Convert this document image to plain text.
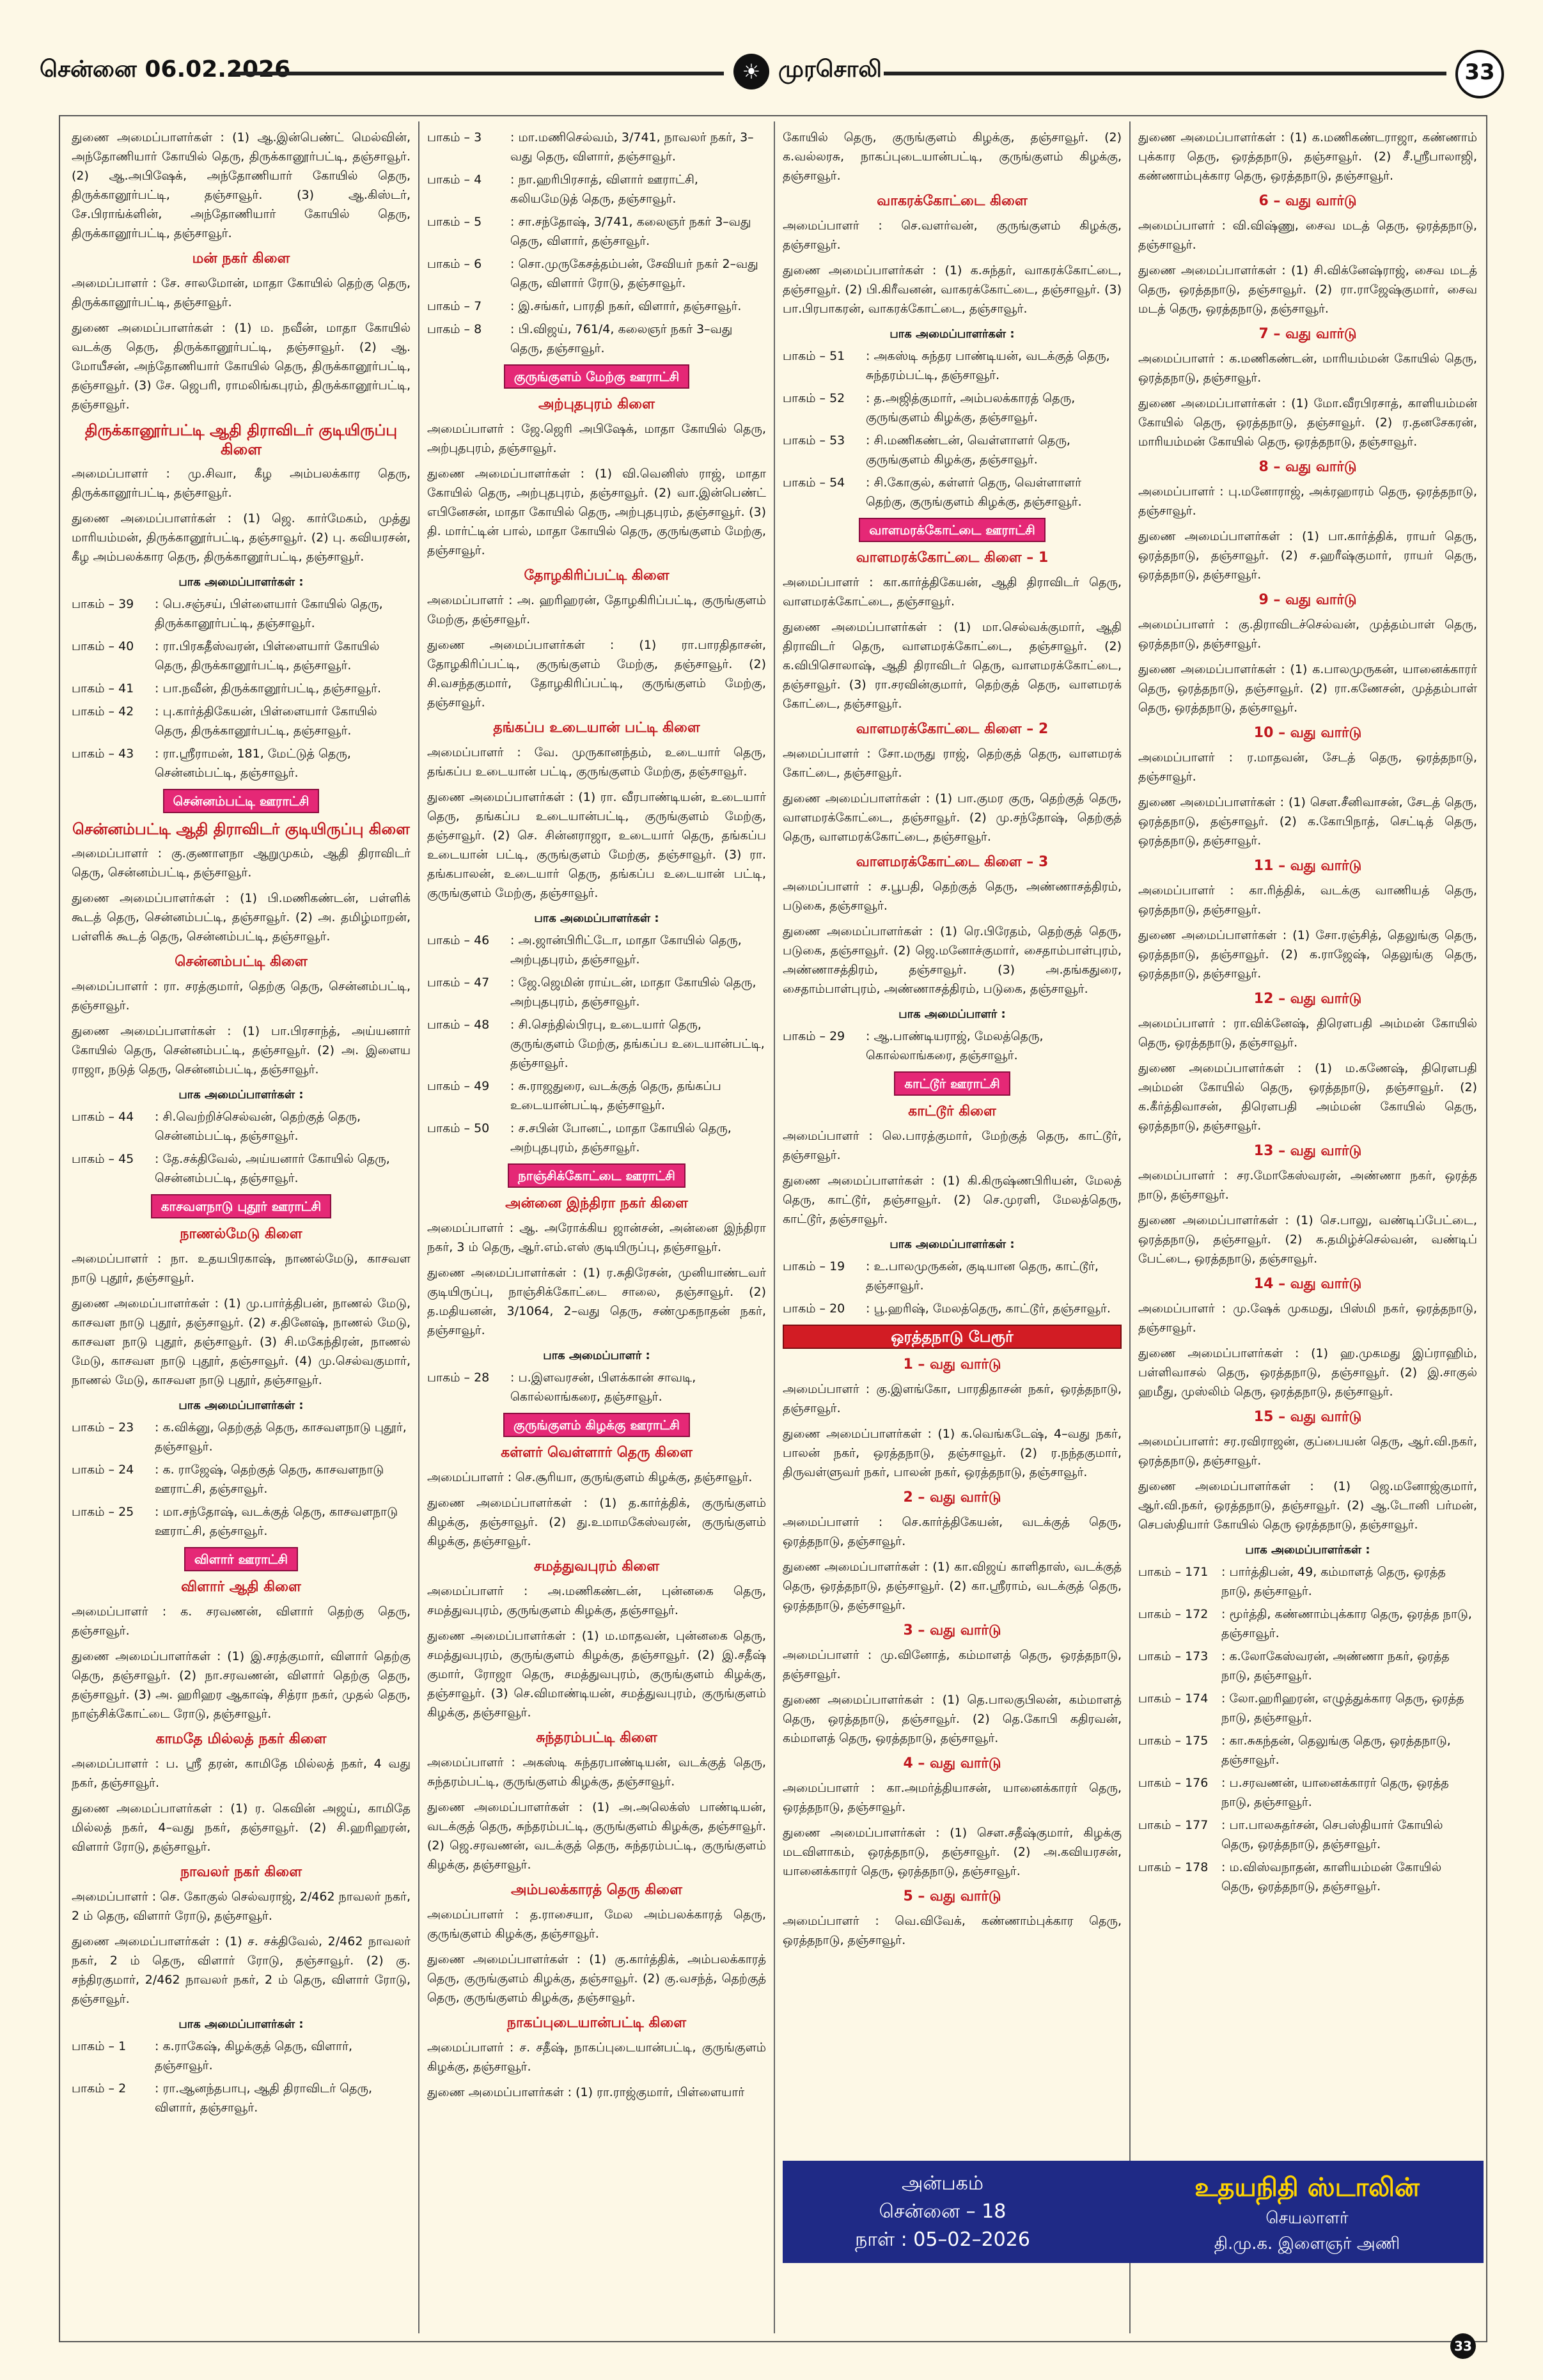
சென்னை 06.02.2026	☀ முரசொலி	33
துணை அமைப்பாளர்கள் : (1) ஆ.இன்பெண்ட் மெல்வின், அந்தோணியார் கோயில் தெரு, திருக்கானூர்பட்டி, தஞ்சாவூர். (2) ஆ.அபிஷேக், அந்தோணியார் கோயில் தெரு, திருக்கானூர்பட்டி, தஞ்சாவூர். (3) ஆ.கிஸ்டர், சே.பிராங்க்ளின், அந்தோணியார் கோயில் தெரு, திருக்கானூர்பட்டி, தஞ்சாவூர்.
மன் நகர் கிளை
அமைப்பாளர் : சே. சாலமோன், மாதா கோயில் தெற்கு தெரு, திருக்கானூர்பட்டி, தஞ்சாவூர்.
துணை அமைப்பாளர்கள் : (1) ம. நவீன், மாதா கோயில் வடக்கு தெரு, திருக்கானூர்பட்டி, தஞ்சாவூர். (2) ஆ. மோயீசன், அந்தோணியார் கோயில் தெரு, திருக்கானூர்பட்டி, தஞ்சாவூர். (3) சே. ஜெபரி, ராமலிங்கபுரம், திருக்கானூர்பட்டி, தஞ்சாவூர்.
திருக்கானூர்பட்டி ஆதி திராவிடர் குடியிருப்பு கிளை
அமைப்பாளர் : மு.சிவா, கீழ அம்பலக்கார தெரு, திருக்கானூர்பட்டி, தஞ்சாவூர்.
துணை அமைப்பாளர்கள் : (1) ஜெ. கார்மேகம், முத்து மாரியம்மன், திருக்கானூர்பட்டி, தஞ்சாவூர். (2) பு. கவியரசன், கீழ அம்பலக்கார தெரு, திருக்கானூர்பட்டி, தஞ்சாவூர்.
பாக அமைப்பாளர்கள் :
பாகம் – 39	: பெ.சஞ்சய், பிள்ளையார் கோயில் தெரு, திருக்கானூர்பட்டி, தஞ்சாவூர்.
பாகம் – 40	: ரா.பிரகதீஸ்வரன், பிள்ளையார் கோயில் தெரு, திருக்கானூர்பட்டி, தஞ்சாவூர்.
பாகம் – 41	: பா.நவீன், திருக்கானூர்பட்டி, தஞ்சாவூர்.
பாகம் – 42	: பு.கார்த்திகேயன், பிள்ளையார் கோயில் தெரு, திருக்கானூர்பட்டி, தஞ்சாவூர்.
பாகம் – 43	: ரா.ஸ்ரீராமன், 181, மேட்டுத் தெரு, சென்னம்பட்டி, தஞ்சாவூர்.
சென்னம்பட்டி ஊராட்சி
சென்னம்பட்டி ஆதி திராவிடர் குடியிருப்பு கிளை
அமைப்பாளர் : கு.குணாளநா ஆறுமுகம், ஆதி திராவிடர் தெரு, சென்னம்பட்டி, தஞ்சாவூர்.
துணை அமைப்பாளர்கள் : (1) பி.மணிகண்டன், பள்ளிக் கூடத் தெரு, சென்னம்பட்டி, தஞ்சாவூர். (2) அ. தமிழ்மாறன், பள்ளிக் கூடத் தெரு, சென்னம்பட்டி, தஞ்சாவூர்.
சென்னம்பட்டி கிளை
அமைப்பாளர் : ரா. சரத்குமார், தெற்கு தெரு, சென்னம்பட்டி, தஞ்சாவூர்.
துணை அமைப்பாளர்கள் : (1) பா.பிரசாந்த், அய்யனார் கோயில் தெரு, சென்னம்பட்டி, தஞ்சாவூர். (2) அ. இளைய ராஜா, நடுத் தெரு, சென்னம்பட்டி, தஞ்சாவூர்.
பாக அமைப்பாளர்கள் :
பாகம் – 44	: சி.வெற்றிச்செல்வன், தெற்குத் தெரு, சென்னம்பட்டி, தஞ்சாவூர்.
பாகம் – 45	: தே.சக்திவேல், அய்யனார் கோயில் தெரு, சென்னம்பட்டி, தஞ்சாவூர்.
காசவளநாடு புதூர் ஊராட்சி
நாணல்மேடு கிளை
அமைப்பாளர் : நா. உதயபிரகாஷ், நாணல்மேடு, காசவள நாடு புதூர், தஞ்சாவூர்.
துணை அமைப்பாளர்கள் : (1) மு.பார்த்திபன், நாணல் மேடு, காசவள நாடு புதூர், தஞ்சாவூர். (2) ச.தினேஷ், நாணல் மேடு, காசவள நாடு புதூர், தஞ்சாவூர். (3) சி.மகேந்திரன், நாணல் மேடு, காசவள நாடு புதூர், தஞ்சாவூர். (4) மு.செல்வகுமார், நாணல் மேடு, காசவள நாடு புதூர், தஞ்சாவூர்.
பாக அமைப்பாளர்கள் :
பாகம் – 23	: க.விக்னு, தெற்குத் தெரு, காசவளநாடு புதூர், தஞ்சாவூர்.
பாகம் – 24	: க. ராஜேஷ், தெற்குத் தெரு, காசவளநாடு ஊராட்சி, தஞ்சாவூர்.
பாகம் – 25	: மா.சந்தோஷ், வடக்குத் தெரு, காசவளநாடு ஊராட்சி, தஞ்சாவூர்.
விளார் ஊராட்சி
விளார் ஆதி கிளை
அமைப்பாளர் : க. சரவணன், விளார் தெற்கு தெரு, தஞ்சாவூர்.
துணை அமைப்பாளர்கள் : (1) இ.சரத்குமார், விளார் தெற்கு தெரு, தஞ்சாவூர். (2) நா.சரவணன், விளார் தெற்கு தெரு, தஞ்சாவூர். (3) அ. ஹரிஹர ஆகாஷ், சித்ரா நகர், முதல் தெரு, நாஞ்சிக்கோட்டை ரோடு, தஞ்சாவூர்.
காமதே மில்லத் நகர் கிளை
அமைப்பாளர் : ப. ஸ்ரீ தரன், காமிதே மில்லத் நகர், 4 வது நகர், தஞ்சாவூர்.
துணை அமைப்பாளர்கள் : (1) ர. கெவின் அஜய், காமிதே மில்லத் நகர், 4–வது நகர், தஞ்சாவூர். (2) சி.ஹரிஹரன், விளார் ரோடு, தஞ்சாவூர்.
நாவலர் நகர் கிளை
அமைப்பாளர் : செ. கோகுல் செல்வராஜ், 2/462 நாவலர் நகர், 2 ம் தெரு, விளார் ரோடு, தஞ்சாவூர்.
துணை அமைப்பாளர்கள் : (1) ச. சக்திவேல், 2/462 நாவலர் நகர், 2 ம் தெரு, விளார் ரோடு, தஞ்சாவூர். (2) கு. சந்திரகுமார், 2/462 நாவலர் நகர், 2 ம் தெரு, விளார் ரோடு, தஞ்சாவூர்.
பாக அமைப்பாளர்கள் :
பாகம் – 1	: க.ராகேஷ், கிழக்குத் தெரு, விளார், தஞ்சாவூர்.
பாகம் – 2	: ரா.ஆனந்தபாபு, ஆதி திராவிடர் தெரு, விளார், தஞ்சாவூர்.
பாகம் – 3	: மா.மணிசெல்வம், 3/741, நாவலர் நகர், 3–வது தெரு, விளார், தஞ்சாவூர்.
பாகம் – 4	: நா.ஹரிபிரசாத், விளார் ஊராட்சி, கலியமேடுத் தெரு, தஞ்சாவூர்.
பாகம் – 5	: சா.சந்தோஷ், 3/741, கலைஞர் நகர் 3–வது தெரு, விளார், தஞ்சாவூர்.
பாகம் – 6	: சொ.முருகேசத்தம்பன், சேவியர் நகர் 2–வது தெரு, விளார் ரோடு, தஞ்சாவூர்.
பாகம் – 7	: இ.சங்கர், பாரதி நகர், விளார், தஞ்சாவூர்.
பாகம் – 8	: பி.விஜய், 761/4, கலைஞர் நகர் 3–வது தெரு, தஞ்சாவூர்.
குருங்குளம் மேற்கு ஊராட்சி
அற்புதபுரம் கிளை
அமைப்பாளர் : ஜே.ஜெரி அபிஷேக், மாதா கோயில் தெரு, அற்புதபுரம், தஞ்சாவூர்.
துணை அமைப்பாளர்கள் : (1) வி.வெனிஸ் ராஜ், மாதா கோயில் தெரு, அற்புதபுரம், தஞ்சாவூர். (2) வா.இன்பெண்ட் எபினேசன், மாதா கோயில் தெரு, அற்புதபுரம், தஞ்சாவூர். (3) தி. மார்ட்டின் பால், மாதா கோயில் தெரு, குருங்குளம் மேற்கு, தஞ்சாவூர்.
தோழகிரிப்பட்டி கிளை
அமைப்பாளர் : அ. ஹரிஹரன், தோழகிரிப்பட்டி, குருங்குளம் மேற்கு, தஞ்சாவூர்.
துணை அமைப்பாளர்கள் : (1) ரா.பாரதிதாசன், தோழகிரிப்பட்டி, குருங்குளம் மேற்கு, தஞ்சாவூர். (2) சி.வசந்தகுமார், தோழகிரிப்பட்டி, குருங்குளம் மேற்கு, தஞ்சாவூர்.
தங்கப்ப உடையான் பட்டி கிளை
அமைப்பாளர் : வே. முருகானந்தம், உடையார் தெரு, தங்கப்ப உடையான் பட்டி, குருங்குளம் மேற்கு, தஞ்சாவூர்.
துணை அமைப்பாளர்கள் : (1) ரா. வீரபாண்டியன், உடையார் தெரு, தங்கப்ப உடையான்பட்டி, குருங்குளம் மேற்கு, தஞ்சாவூர். (2) செ. சின்னராஜா, உடையார் தெரு, தங்கப்ப உடையான் பட்டி, குருங்குளம் மேற்கு, தஞ்சாவூர். (3) ரா. தங்கபாலன், உடையார் தெரு, தங்கப்ப உடையான் பட்டி, குருங்குளம் மேற்கு, தஞ்சாவூர்.
பாக அமைப்பாளர்கள் :
பாகம் – 46	: அ.ஜான்பிரிட்டோ, மாதா கோயில் தெரு, அற்புதபுரம், தஞ்சாவூர்.
பாகம் – 47	: ஜே.ஜெமின் ராய்டன், மாதா கோயில் தெரு, அற்புதபுரம், தஞ்சாவூர்.
பாகம் – 48	: சி.செந்தில்பிரபு, உடையார் தெரு, குருங்குளம் மேற்கு, தங்கப்ப உடையான்பட்டி, தஞ்சாவூர்.
பாகம் – 49	: சு.ராஜதுரை, வடக்குத் தெரு, தங்கப்ப உடையான்பட்டி, தஞ்சாவூர்.
பாகம் – 50	: ச.சபின் போனட், மாதா கோயில் தெரு, அற்புதபுரம், தஞ்சாவூர்.
நாஞ்சிக்கோட்டை ஊராட்சி
அன்னை இந்திரா நகர் கிளை
அமைப்பாளர் : ஆ. அரோக்கிய ஜான்சன், அன்னை இந்திரா நகர், 3 ம் தெரு, ஆர்.எம்.எஸ் குடியிருப்பு, தஞ்சாவூர்.
துணை அமைப்பாளர்கள் : (1) ர.சுதிரேசன், முனியாண்டவர் குடியிருப்பு, நாஞ்சிக்கோட்டை சாலை, தஞ்சாவூர். (2) த.மதியனன், 3/1064, 2–வது தெரு, சண்முகநாதன் நகர், தஞ்சாவூர்.
பாக அமைப்பாளர் :
பாகம் – 28	: ப.இளவரசன், பிளக்கான் சாவடி, கொல்லாங்கரை, தஞ்சாவூர்.
குருங்குளம் கிழக்கு ஊராட்சி
கள்ளர் வெள்ளார் தெரு கிளை
அமைப்பாளர் : செ.சூரியா, குருங்குளம் கிழக்கு, தஞ்சாவூர்.
துணை அமைப்பாளர்கள் : (1) த.கார்த்திக், குருங்குளம் கிழக்கு, தஞ்சாவூர். (2) து.உமாமகேஸ்வரன், குருங்குளம் கிழக்கு, தஞ்சாவூர்.
சமத்துவபுரம் கிளை
அமைப்பாளர் : அ.மணிகண்டன், புன்னகை தெரு, சமத்துவபுரம், குருங்குளம் கிழக்கு, தஞ்சாவூர்.
துணை அமைப்பாளர்கள் : (1) ம.மாதவன், புன்னகை தெரு, சமத்துவபுரம், குருங்குளம் கிழக்கு, தஞ்சாவூர். (2) இ.சதீஷ் குமார், ரோஜா தெரு, சமத்துவபுரம், குருங்குளம் கிழக்கு, தஞ்சாவூர். (3) செ.விமாண்டியன், சமத்துவபுரம், குருங்குளம் கிழக்கு, தஞ்சாவூர்.
சுந்தரம்பட்டி கிளை
அமைப்பாளர் : அகஸ்டி சுந்தரபாண்டியன், வடக்குத் தெரு, சுந்தரம்பட்டி, குருங்குளம் கிழக்கு, தஞ்சாவூர்.
துணை அமைப்பாளர்கள் : (1) அ.அலெக்ஸ் பாண்டியன், வடக்குத் தெரு, சுந்தரம்பட்டி, குருங்குளம் கிழக்கு, தஞ்சாவூர். (2) ஜெ.சரவணன், வடக்குத் தெரு, சுந்தரம்பட்டி, குருங்குளம் கிழக்கு, தஞ்சாவூர்.
அம்பலக்காரத் தெரு கிளை
அமைப்பாளர் : த.ராசையா, மேல அம்பலக்காரத் தெரு, குருங்குளம் கிழக்கு, தஞ்சாவூர்.
துணை அமைப்பாளர்கள் : (1) கு.கார்த்திக், அம்பலக்காரத் தெரு, குருங்குளம் கிழக்கு, தஞ்சாவூர். (2) கு.வசந்த், தெற்குத் தெரு, குருங்குளம் கிழக்கு, தஞ்சாவூர்.
நாகப்புடையான்பட்டி கிளை
அமைப்பாளர் : ச. சதீஷ், நாகப்புடையான்பட்டி, குருங்குளம் கிழக்கு, தஞ்சாவூர்.
துணை அமைப்பாளர்கள் : (1) ரா.ராஜ்குமார், பிள்ளையார்
கோயில் தெரு, குருங்குளம் கிழக்கு, தஞ்சாவூர். (2) க.வல்லரசு, நாகப்புடையான்பட்டி, குருங்குளம் கிழக்கு, தஞ்சாவூர்.
வாகரக்கோட்டை கிளை
அமைப்பாளர் : செ.வளர்வன், குருங்குளம் கிழக்கு, தஞ்சாவூர்.
துணை அமைப்பாளர்கள் : (1) க.சுந்தர், வாகரக்கோட்டை, தஞ்சாவூர். (2) பி.கிரீவனன், வாகரக்கோட்டை, தஞ்சாவூர். (3) பா.பிரபாகரன், வாகரக்கோட்டை, தஞ்சாவூர்.
பாக அமைப்பாளர்கள் :
பாகம் – 51	: அகஸ்டி சுந்தர பாண்டியன், வடக்குத் தெரு, சுந்தரம்பட்டி, தஞ்சாவூர்.
பாகம் – 52	: த.அஜித்குமார், அம்பலக்காரத் தெரு, குருங்குளம் கிழக்கு, தஞ்சாவூர்.
பாகம் – 53	: சி.மணிகண்டன், வெள்ளாளர் தெரு, குருங்குளம் கிழக்கு, தஞ்சாவூர்.
பாகம் – 54	: சி.கோகுல், கள்ளர் தெரு, வெள்ளாளர் தெற்கு, குருங்குளம் கிழக்கு, தஞ்சாவூர்.
வாளமரக்கோட்டை ஊராட்சி
வாளமரக்கோட்டை கிளை – 1
அமைப்பாளர் : கா.கார்த்திகேயன், ஆதி திராவிடர் தெரு, வாளமரக்கோட்டை, தஞ்சாவூர்.
துணை அமைப்பாளர்கள் : (1) மா.செல்வக்குமார், ஆதி திராவிடர் தெரு, வாளமரக்கோட்டை, தஞ்சாவூர். (2) க.விபிசொலாஷ், ஆதி திராவிடர் தெரு, வாளமரக்கோட்டை, தஞ்சாவூர். (3) ரா.சரவின்குமார், தெற்குத் தெரு, வாளமரக் கோட்டை, தஞ்சாவூர்.
வாளமரக்கோட்டை கிளை – 2
அமைப்பாளர் : சோ.மருது ராஜ், தெற்குத் தெரு, வாளமரக் கோட்டை, தஞ்சாவூர்.
துணை அமைப்பாளர்கள் : (1) பா.குமர குரு, தெற்குத் தெரு, வாளமரக்கோட்டை, தஞ்சாவூர். (2) மு.சந்தோஷ், தெற்குத் தெரு, வாளமரக்கோட்டை, தஞ்சாவூர்.
வாளமரக்கோட்டை கிளை – 3
அமைப்பாளர் : ச.பூபதி, தெற்குத் தெரு, அண்ணாசத்திரம், படுகை, தஞ்சாவூர்.
துணை அமைப்பாளர்கள் : (1) ரெ.பிரேதம், தெற்குத் தெரு, படுகை, தஞ்சாவூர். (2) ஜெ.மனோச்குமார், சைதாம்பாள்புரம், அண்ணாசத்திரம், தஞ்சாவூர். (3) அ.தங்கதுரை, சைதாம்பாள்புரம், அண்ணாசத்திரம், படுகை, தஞ்சாவூர்.
பாக அமைப்பாளர் :
பாகம் – 29	: ஆ.பாண்டியராஜ், மேலத்தெரு, கொல்லாங்கரை, தஞ்சாவூர்.
காட்டூர் ஊராட்சி
காட்டூர் கிளை
அமைப்பாளர் : லெ.பாரத்குமார், மேற்குத் தெரு, காட்டூர், தஞ்சாவூர்.
துணை அமைப்பாளர்கள் : (1) கி.கிருஷ்ணபிரியன், மேலத் தெரு, காட்டூர், தஞ்சாவூர். (2) செ.முரளி, மேலத்தெரு, காட்டூர், தஞ்சாவூர்.
பாக அமைப்பாளர்கள் :
பாகம் – 19	: உ.பாலமுருகன், குடியான தெரு, காட்டூர், தஞ்சாவூர்.
பாகம் – 20	: பூ.ஹரிஷ், மேலத்தெரு, காட்டூர், தஞ்சாவூர்.
ஒரத்தநாடு பேரூர்
1 – வது வார்டு
அமைப்பாளர் : கு.இளங்கோ, பாரதிதாசன் நகர், ஒரத்தநாடு, தஞ்சாவூர்.
துணை அமைப்பாளர்கள் : (1) க.வெங்கடேஷ், 4–வது நகர், பாலன் நகர், ஒரத்தநாடு, தஞ்சாவூர். (2) ர.நந்தகுமார், திருவள்ளுவர் நகர், பாலன் நகர், ஒரத்தநாடு, தஞ்சாவூர்.
2 – வது வார்டு
அமைப்பாளர் : செ.கார்த்திகேயன், வடக்குத் தெரு, ஒரத்தநாடு, தஞ்சாவூர்.
துணை அமைப்பாளர்கள் : (1) கா.விஜய் காளிதாஸ், வடக்குத் தெரு, ஒரத்தநாடு, தஞ்சாவூர். (2) கா.ஸ்ரீராம், வடக்குத் தெரு, ஒரத்தநாடு, தஞ்சாவூர்.
3 – வது வார்டு
அமைப்பாளர் : மு.வினோத், கம்மாளத் தெரு, ஒரத்தநாடு, தஞ்சாவூர்.
துணை அமைப்பாளர்கள் : (1) தெ.பாலகுபிலன், கம்மாளத் தெரு, ஒரத்தநாடு, தஞ்சாவூர். (2) தெ.கோபி கதிரவன், கம்மாளத் தெரு, ஒரத்தநாடு, தஞ்சாவூர்.
4 – வது வார்டு
அமைப்பாளர் : கா.அமர்த்தியாசன், யானைக்காரர் தெரு, ஒரத்தநாடு, தஞ்சாவூர்.
துணை அமைப்பாளர்கள் : (1) செள.சதீஷ்குமார், கிழக்கு மடவிளாகம், ஒரத்தநாடு, தஞ்சாவூர். (2) அ.கவியரசன், யானைக்காரர் தெரு, ஒரத்தநாடு, தஞ்சாவூர்.
5 – வது வார்டு
அமைப்பாளர் : வெ.விவேக், கண்ணாம்புக்கார தெரு, ஒரத்தநாடு, தஞ்சாவூர்.
துணை அமைப்பாளர்கள் : (1) க.மணிகண்டராஜா, கண்ணாம் புக்கார தெரு, ஒரத்தநாடு, தஞ்சாவூர். (2) சீ.ஸ்ரீபாலாஜி, கண்ணாம்புக்கார தெரு, ஒரத்தநாடு, தஞ்சாவூர்.
6 – வது வார்டு
அமைப்பாளர் : வி.விஷ்ணு, சைவ மடத் தெரு, ஒரத்தநாடு, தஞ்சாவூர்.
துணை அமைப்பாளர்கள் : (1) சி.விக்னேஷ்ராஜ், சைவ மடத் தெரு, ஒரத்தநாடு, தஞ்சாவூர். (2) ரா.ராஜேஷ்குமார், சைவ மடத் தெரு, ஒரத்தநாடு, தஞ்சாவூர்.
7 – வது வார்டு
அமைப்பாளர் : க.மணிகண்டன், மாரியம்மன் கோயில் தெரு, ஒரத்தநாடு, தஞ்சாவூர்.
துணை அமைப்பாளர்கள் : (1) மோ.வீரபிரசாத், காளியம்மன் கோயில் தெரு, ஒரத்தநாடு, தஞ்சாவூர். (2) ர.தனசேகரன், மாரியம்மன் கோயில் தெரு, ஒரத்தநாடு, தஞ்சாவூர்.
8 – வது வார்டு
அமைப்பாளர் : பு.மனோராஜ், அக்ரஹாரம் தெரு, ஒரத்தநாடு, தஞ்சாவூர்.
துணை அமைப்பாளர்கள் : (1) பா.கார்த்திக், ராயர் தெரு, ஒரத்தநாடு, தஞ்சாவூர். (2) ச.ஹரீஷ்குமார், ராயர் தெரு, ஒரத்தநாடு, தஞ்சாவூர்.
9 – வது வார்டு
அமைப்பாளர் : கு.திராவிடச்செல்வன், முத்தம்பாள் தெரு, ஒரத்தநாடு, தஞ்சாவூர்.
துணை அமைப்பாளர்கள் : (1) க.பாலமுருகன், யானைக்காரர் தெரு, ஒரத்தநாடு, தஞ்சாவூர். (2) ரா.கணேசன், முத்தம்பாள் தெரு, ஒரத்தநாடு, தஞ்சாவூர்.
10 – வது வார்டு
அமைப்பாளர் : ர.மாதவன், சேடத் தெரு, ஒரத்தநாடு, தஞ்சாவூர்.
துணை அமைப்பாளர்கள் : (1) செள.சீனிவாசன், சேடத் தெரு, ஒரத்தநாடு, தஞ்சாவூர். (2) க.கோபிநாத், செட்டித் தெரு, ஒரத்தநாடு, தஞ்சாவூர்.
11 – வது வார்டு
அமைப்பாளர் : கா.ரித்திக், வடக்கு வாணியத் தெரு, ஒரத்தநாடு, தஞ்சாவூர்.
துணை அமைப்பாளர்கள் : (1) சோ.ரஞ்சித், தெலுங்கு தெரு, ஒரத்தநாடு, தஞ்சாவூர். (2) க.ராஜேஷ், தெலுங்கு தெரு, ஒரத்தநாடு, தஞ்சாவூர்.
12 – வது வார்டு
அமைப்பாளர் : ரா.விக்னேஷ், திரௌபதி அம்மன் கோயில் தெரு, ஒரத்தநாடு, தஞ்சாவூர்.
துணை அமைப்பாளர்கள் : (1) ம.கணேஷ், திரௌபதி அம்மன் கோயில் தெரு, ஒரத்தநாடு, தஞ்சாவூர். (2) க.கீர்த்திவாசன், திரௌபதி அம்மன் கோயில் தெரு, ஒரத்தநாடு, தஞ்சாவூர்.
13 – வது வார்டு
அமைப்பாளர் : சர.மோகேஸ்வரன், அண்ணா நகர், ஒரத்த நாடு, தஞ்சாவூர்.
துணை அமைப்பாளர்கள் : (1) செ.பாலு, வண்டிப்பேட்டை, ஒரத்தநாடு, தஞ்சாவூர். (2) க.தமிழ்ச்செல்வன், வண்டிப் பேட்டை, ஒரத்தநாடு, தஞ்சாவூர்.
14 – வது வார்டு
அமைப்பாளர் : மு.ஷேக் முகமது, பிஸ்மி நகர், ஒரத்தநாடு, தஞ்சாவூர்.
துணை அமைப்பாளர்கள் : (1) ஹ.முகமது இப்ராஹிம், பள்ளிவாசல் தெரு, ஒரத்தநாடு, தஞ்சாவூர். (2) இ.சாகுல் ஹமீது, முஸ்லிம் தெரு, ஒரத்தநாடு, தஞ்சாவூர்.
15 – வது வார்டு
அமைப்பாளர்: சர.ரவிராஜன், குப்பையன் தெரு, ஆர்.வி.நகர், ஒரத்தநாடு, தஞ்சாவூர்.
துணை அமைப்பாளர்கள் : (1) ஜெ.மனோஜ்குமார், ஆர்.வி.நகர், ஒரத்தநாடு, தஞ்சாவூர். (2) ஆ.டோனி பர்மன், செபஸ்தியார் கோயில் தெரு ஒரத்தநாடு, தஞ்சாவூர்.
பாக அமைப்பாளர்கள் :
பாகம் – 171	: பார்த்திபன், 49, கம்மாளத் தெரு, ஒரத்த நாடு, தஞ்சாவூர்.
பாகம் – 172	: மூர்த்தி, கண்ணாம்புக்கார தெரு, ஒரத்த நாடு, தஞ்சாவூர்.
பாகம் – 173	: க.லோகேஸ்வரன், அண்ணா நகர், ஒரத்த நாடு, தஞ்சாவூர்.
பாகம் – 174	: லோ.ஹரிஹரன், எழுத்துக்கார தெரு, ஒரத்த நாடு, தஞ்சாவூர்.
பாகம் – 175	: கா.சுகந்தன், தெலுங்கு தெரு, ஒரத்தநாடு, தஞ்சாவூர்.
பாகம் – 176	: ப.சரவணன், யானைக்காரர் தெரு, ஒரத்த நாடு, தஞ்சாவூர்.
பாகம் – 177	: பா.பாலசுதர்சன், செபஸ்தியார் கோயில் தெரு, ஒரத்தநாடு, தஞ்சாவூர்.
பாகம் – 178	: ம.விஸ்வநாதன், காளியம்மன் கோயில் தெரு, ஒரத்தநாடு, தஞ்சாவூர்.
அன்பகம்
சென்னை – 18
நாள் : 05–02–2026
உதயநிதி ஸ்டாலின்
செயலாளர்
தி.மு.க. இளைஞர் அணி
33
